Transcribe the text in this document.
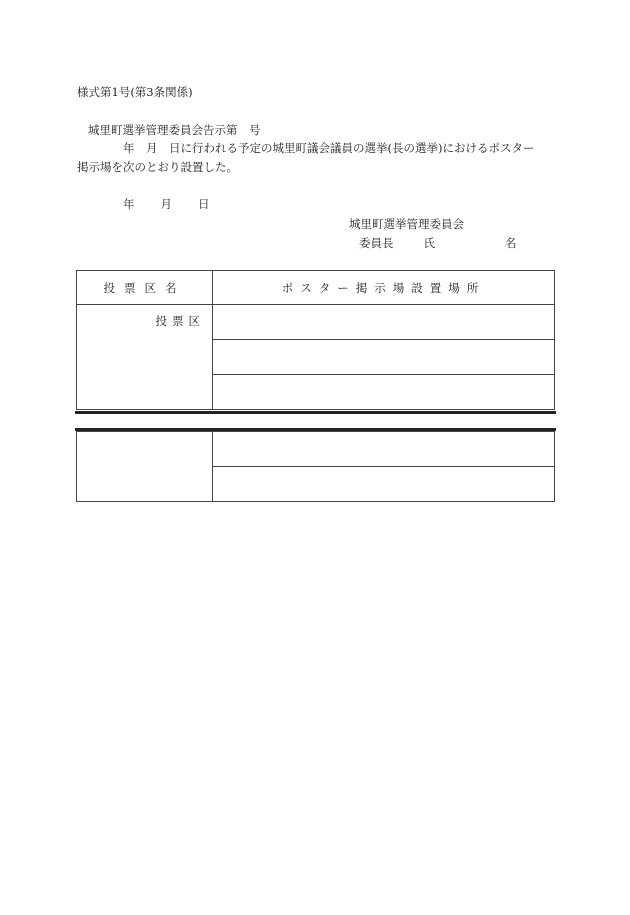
様式第1号(第3条関係)
城里町選挙管理委員会告示第　号
年　月　日に行われる予定の城里町議会議員の選挙(長の選挙)におけるポスター
掲示場を次のとおり設置した。
年 月 日
城里町選挙管理委員会
委員長	氏	名
投票区名	ポスター掲示場設置場所
投票区	
